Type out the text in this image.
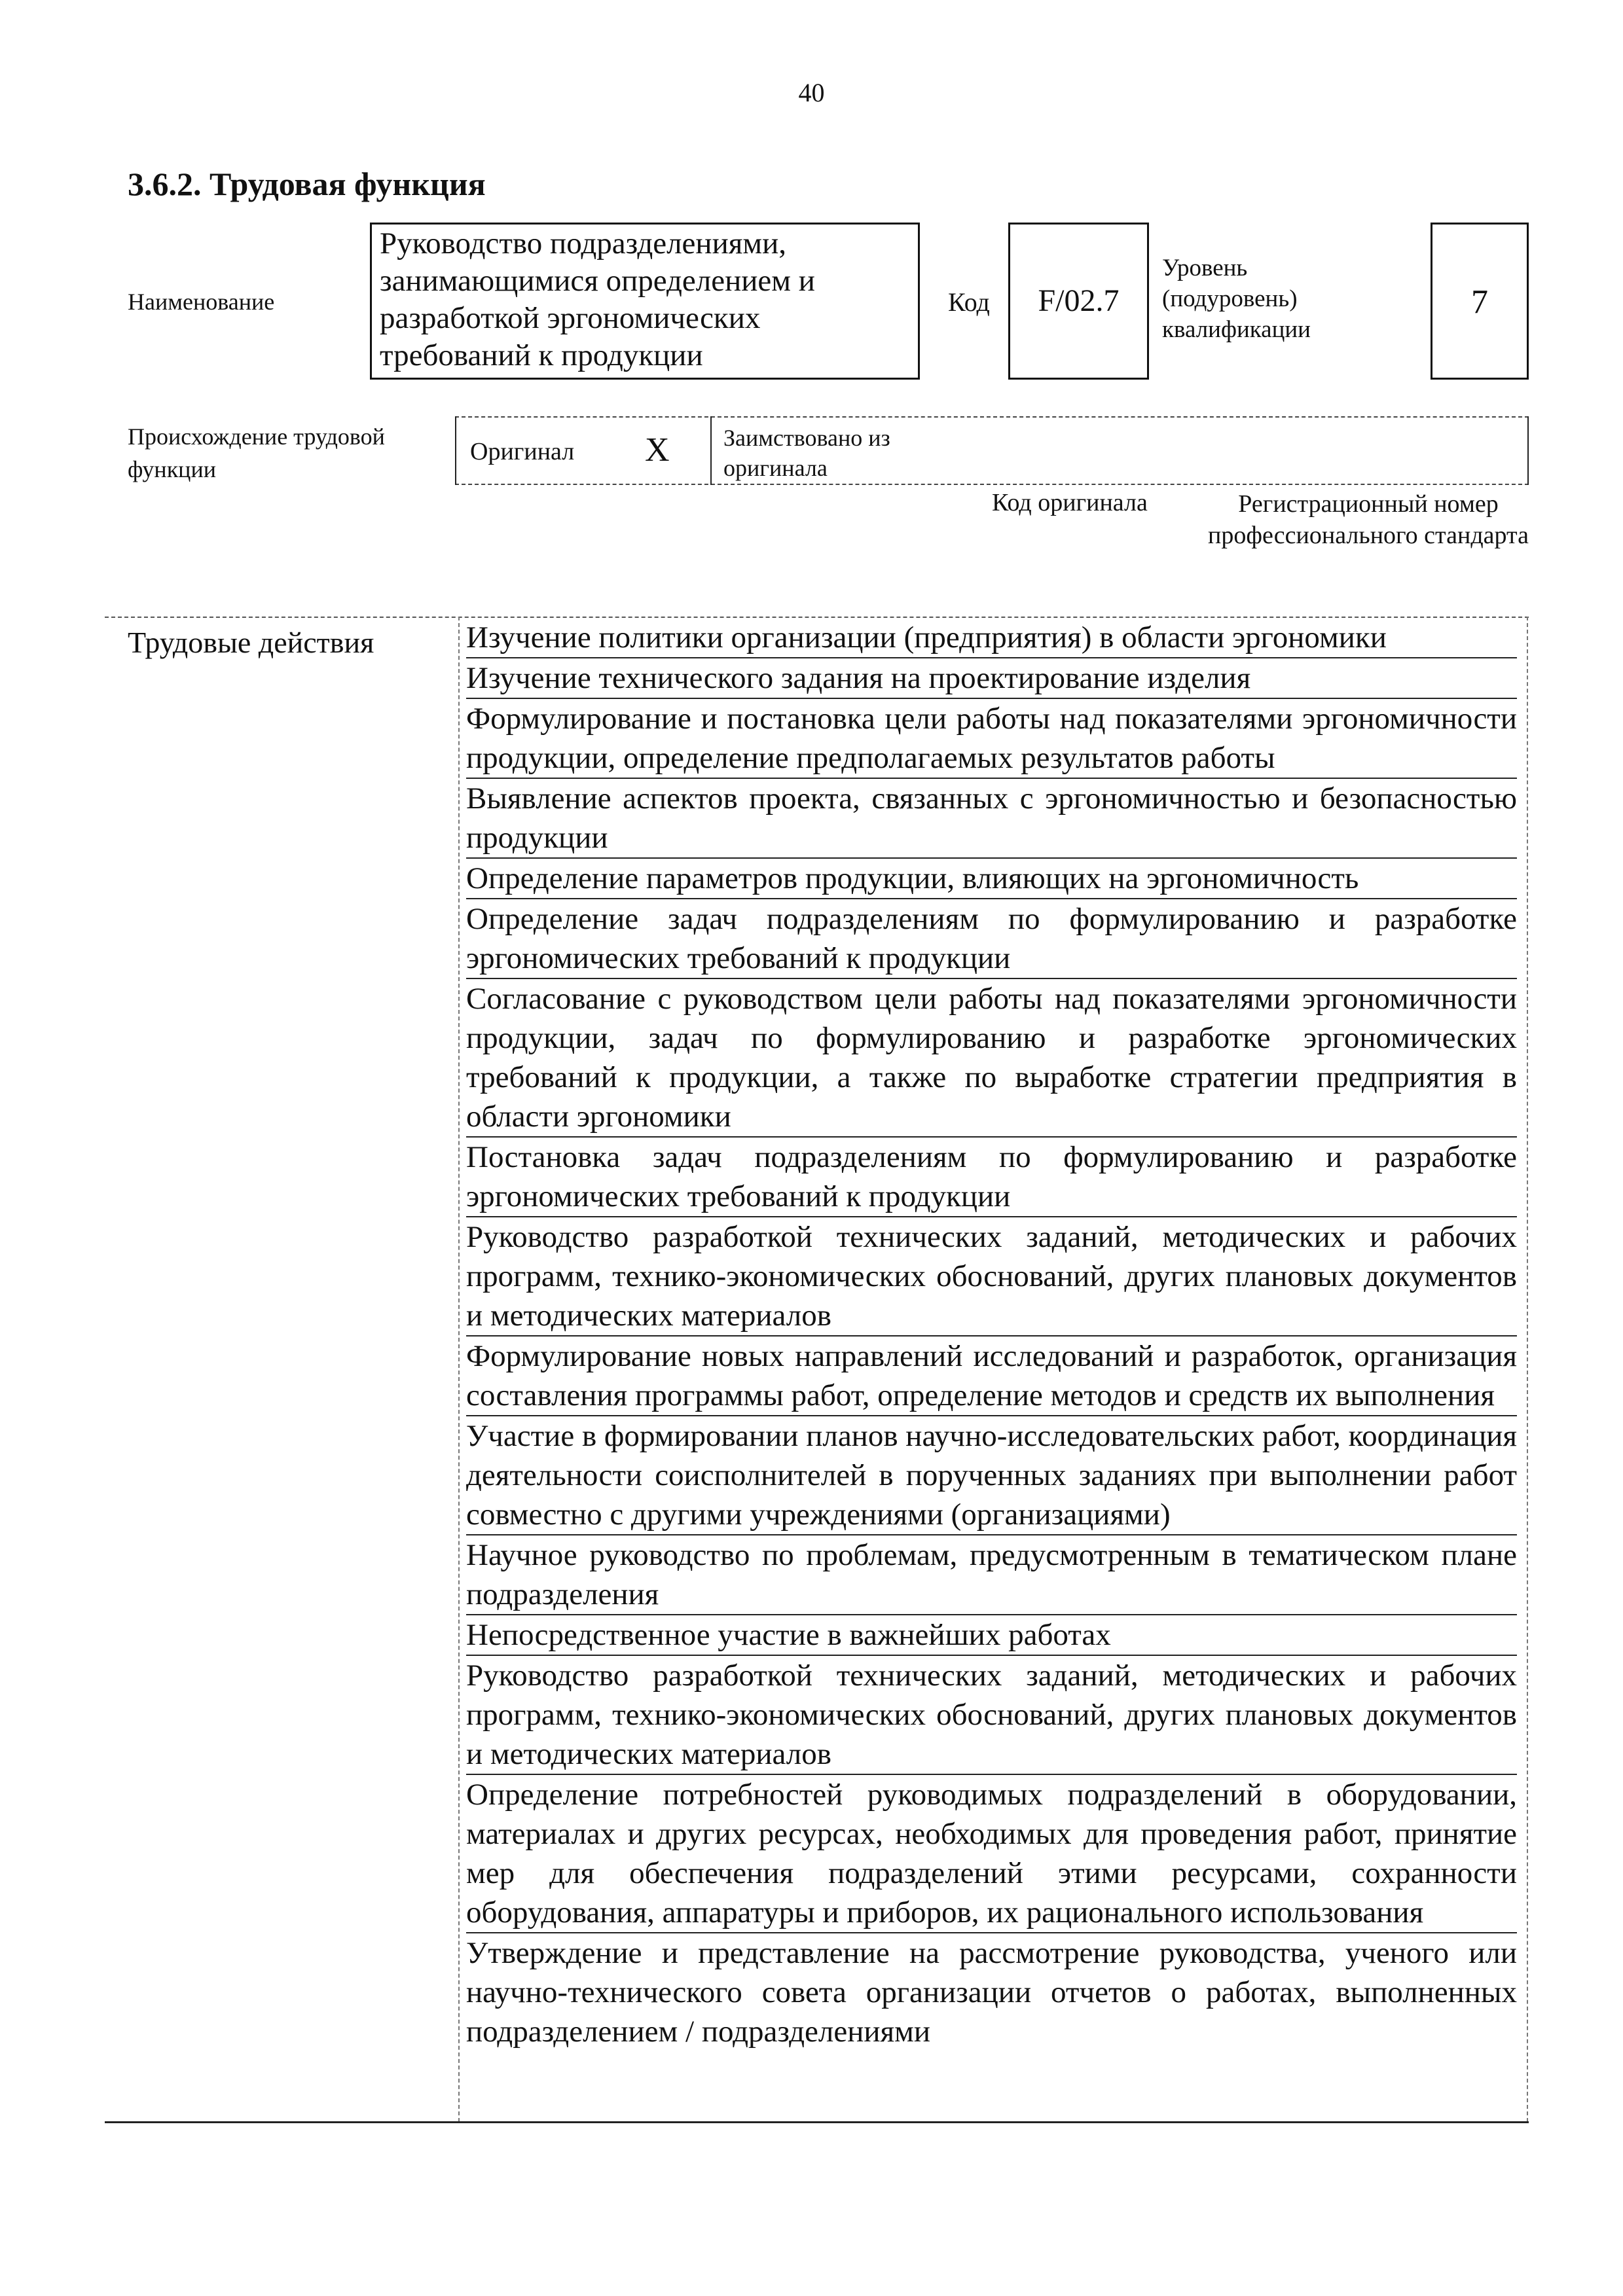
40
3.6.2. Трудовая функция
Наименование
Руководство подразделениями, занимающимися определением и разработкой эргономических требований к продукции
Код	F/02.7
Уровень (подуровень) квалификации
7
Происхождение трудовой функции
Оригинал X Заимствовано из оригинала
Код оригинала	Регистрационный номер профессионального стандарта
Трудовые действия	Изучение политики организации (предприятия) в области эргономики
Изучение технического задания на проектирование изделия
Формулирование и постановка цели работы над показателями эргономичности продукции, определение предполагаемых результатов работы
Выявление аспектов проекта, связанных с эргономичностью и безопасностью продукции
Определение параметров продукции, влияющих на эргономичность
Определение задач подразделениям по формулированию и разработке эргономических требований к продукции
Согласование с руководством цели работы над показателями эргономичности продукции, задач по формулированию и разработке эргономических требований к продукции, а также по выработке стратегии предприятия в области эргономики
Постановка задач подразделениям по формулированию и разработке эргономических требований к продукции
Руководство разработкой технических заданий, методических и рабочих программ, технико-экономических обоснований, других плановых документов и методических материалов
Формулирование новых направлений исследований и разработок, организация составления программы работ, определение методов и средств их выполнения
Участие в формировании планов научно-исследовательских работ, координация деятельности соисполнителей в порученных заданиях при выполнении работ совместно с другими учреждениями (организациями)
Научное руководство по проблемам, предусмотренным в тематическом плане подразделения
Непосредственное участие в важнейших работах
Руководство разработкой технических заданий, методических и рабочих программ, технико-экономических обоснований, других плановых документов и методических материалов
Определение потребностей руководимых подразделений в оборудовании, материалах и других ресурсах, необходимых для проведения работ, принятие мер для обеспечения подразделений этими ресурсами, сохранности оборудования, аппаратуры и приборов, их рационального использования
Утверждение и представление на рассмотрение руководства, ученого или научно-технического совета организации отчетов о работах, выполненных подразделением / подразделениями
